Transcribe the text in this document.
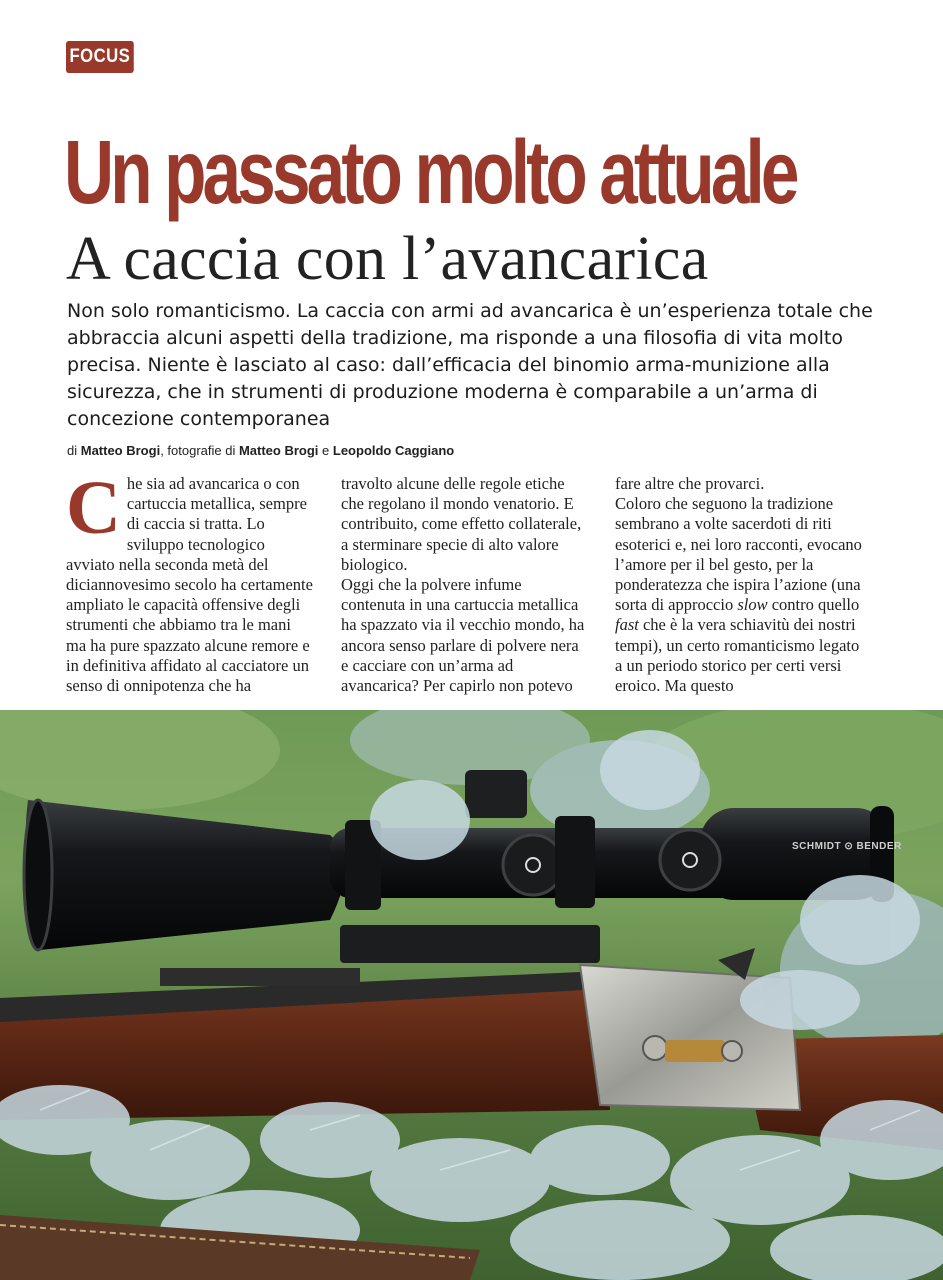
FOCUS
Un passato molto attuale
A caccia con l’avancarica

Non solo romanticismo. La caccia con armi ad avancarica è un’esperienza totale che abbraccia alcuni aspetti della tradizione, ma risponde a una filosofia di vita molto precisa. Niente è lasciato al caso: dall’efficacia del binomio arma-munizione alla sicurezza, che in strumenti di produzione moderna è comparabile a un’arma di concezione contemporanea

di Matteo Brogi, fotografie di Matteo Brogi e Leopoldo Caggiano

Che sia ad avancarica o con cartuccia metallica, sempre di caccia si tratta. Lo sviluppo tecnologico avviato nella seconda metà del diciannovesimo secolo ha certamente ampliato le capacità offensive degli strumenti che abbiamo tra le mani ma ha pure spazzato alcune remore e in definitiva affidato al cacciatore un senso di onnipotenza che ha

travolto alcune delle regole etiche che regolano il mondo venatorio. E contribuito, come effetto collaterale, a sterminare specie di alto valore biologico.

Oggi che la polvere infume contenuta in una cartuccia metallica ha spazzato via il vecchio mondo, ha ancora senso parlare di polvere nera e cacciare con un’arma ad avancarica? Per capirlo non potevo

fare altre che provarci.

Coloro che seguono la tradizione sembrano a volte sacerdoti di riti esoterici e, nei loro racconti, evocano l’amore per il bel gesto, per la ponderatezza che ispira l’azione (una sorta di approccio slow contro quello fast che è la vera schiavitù dei nostri tempi), un certo romanticismo legato a un periodo storico per certi versi eroico. Ma questo

SCHMIDT ⊙ BENDER
